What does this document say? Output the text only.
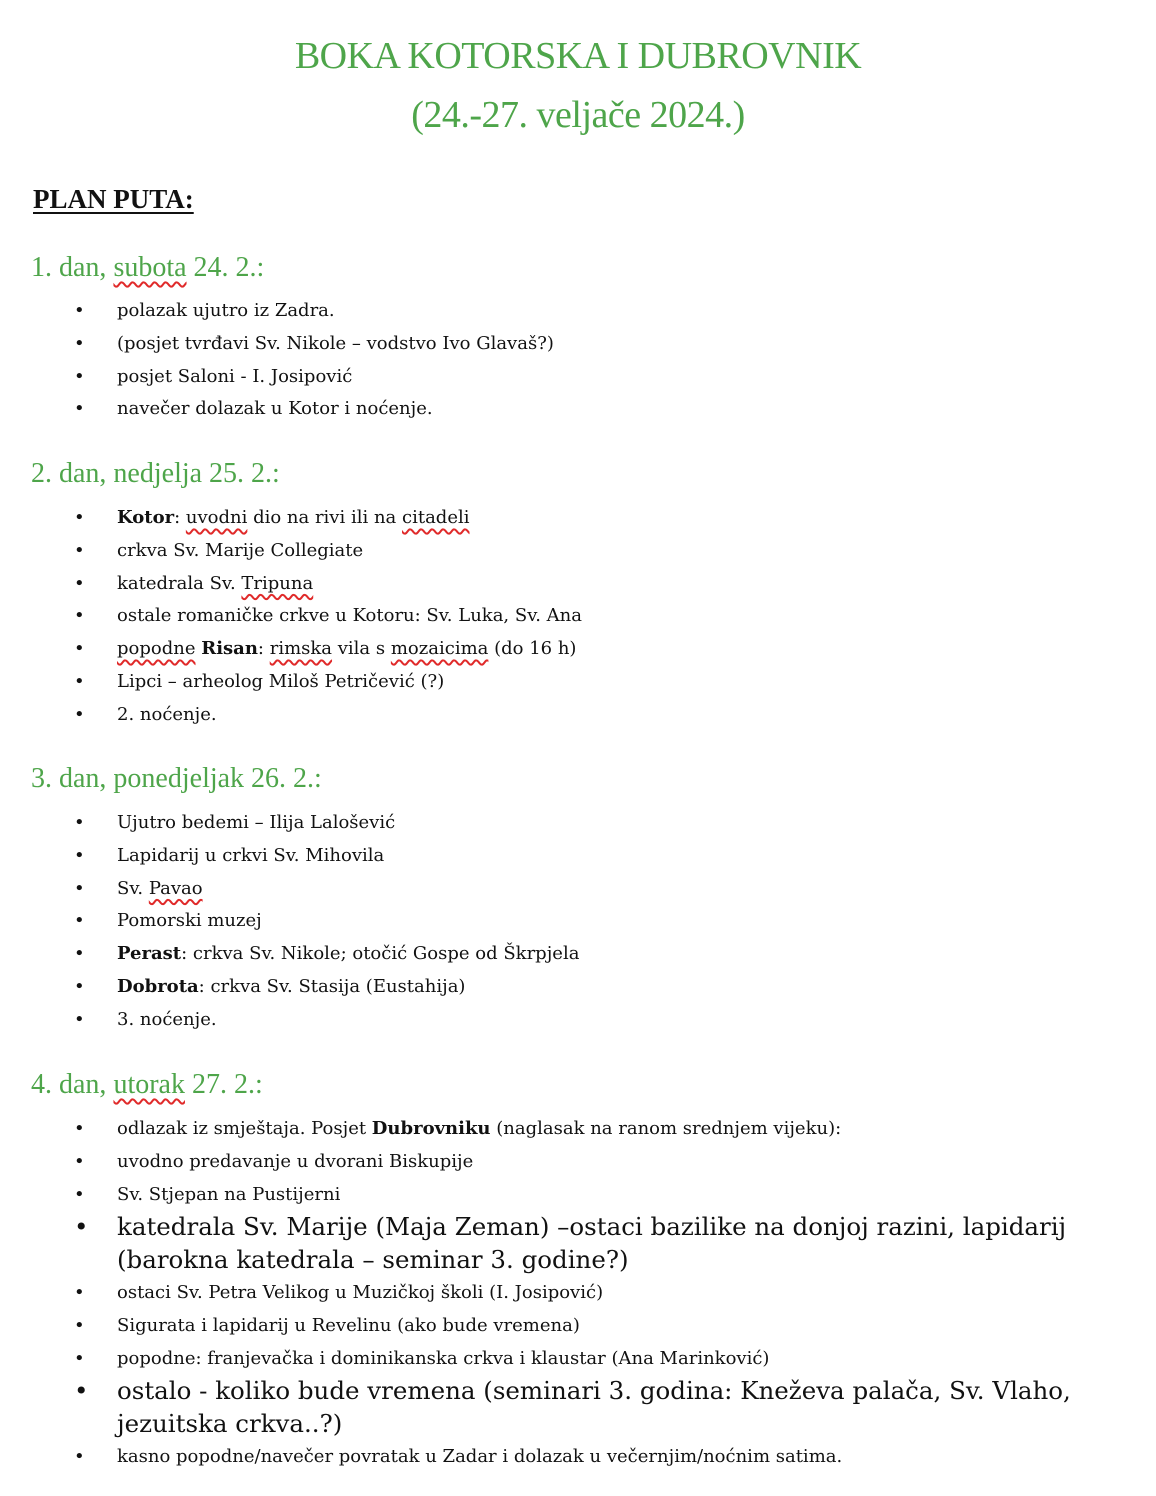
BOKA KOTORSKA I DUBROVNIK
(24.-27. veljače 2024.)
PLAN PUTA:
1. dan, subota 24. 2.:
• polazak ujutro iz Zadra.
• (posjet tvrđavi Sv. Nikole – vodstvo Ivo Glavaš?)
• posjet Saloni - I. Josipović
• navečer dolazak u Kotor i noćenje.
2. dan, nedjelja 25. 2.:
• Kotor: uvodni dio na rivi ili na citadeli
• crkva Sv. Marije Collegiate
• katedrala Sv. Tripuna
• ostale romaničke crkve u Kotoru: Sv. Luka, Sv. Ana
• popodne Risan: rimska vila s mozaicima (do 16 h)
• Lipci – arheolog Miloš Petričević (?)
• 2. noćenje.
3. dan, ponedjeljak 26. 2.:
• Ujutro bedemi – Ilija Lalošević
• Lapidarij u crkvi Sv. Mihovila
• Sv. Pavao
• Pomorski muzej
• Perast: crkva Sv. Nikole; otočić Gospe od Škrpjela
• Dobrota: crkva Sv. Stasija (Eustahija)
• 3. noćenje.
4. dan, utorak 27. 2.:
• odlazak iz smještaja. Posjet Dubrovniku (naglasak na ranom srednjem vijeku):
• uvodno predavanje u dvorani Biskupije
• Sv. Stjepan na Pustijerni
• katedrala Sv. Marije (Maja Zeman) –ostaci bazilike na donjoj razini, lapidarij (barokna katedrala – seminar 3. godine?)
• ostaci Sv. Petra Velikog u Muzičkoj školi (I. Josipović)
• Sigurata i lapidarij u Revelinu (ako bude vremena)
• popodne: franjevačka i dominikanska crkva i klaustar (Ana Marinković)
• ostalo - koliko bude vremena (seminari 3. godina: Kneževa palača, Sv. Vlaho, jezuitska crkva..?)
• kasno popodne/navečer povratak u Zadar i dolazak u večernjim/noćnim satima.
